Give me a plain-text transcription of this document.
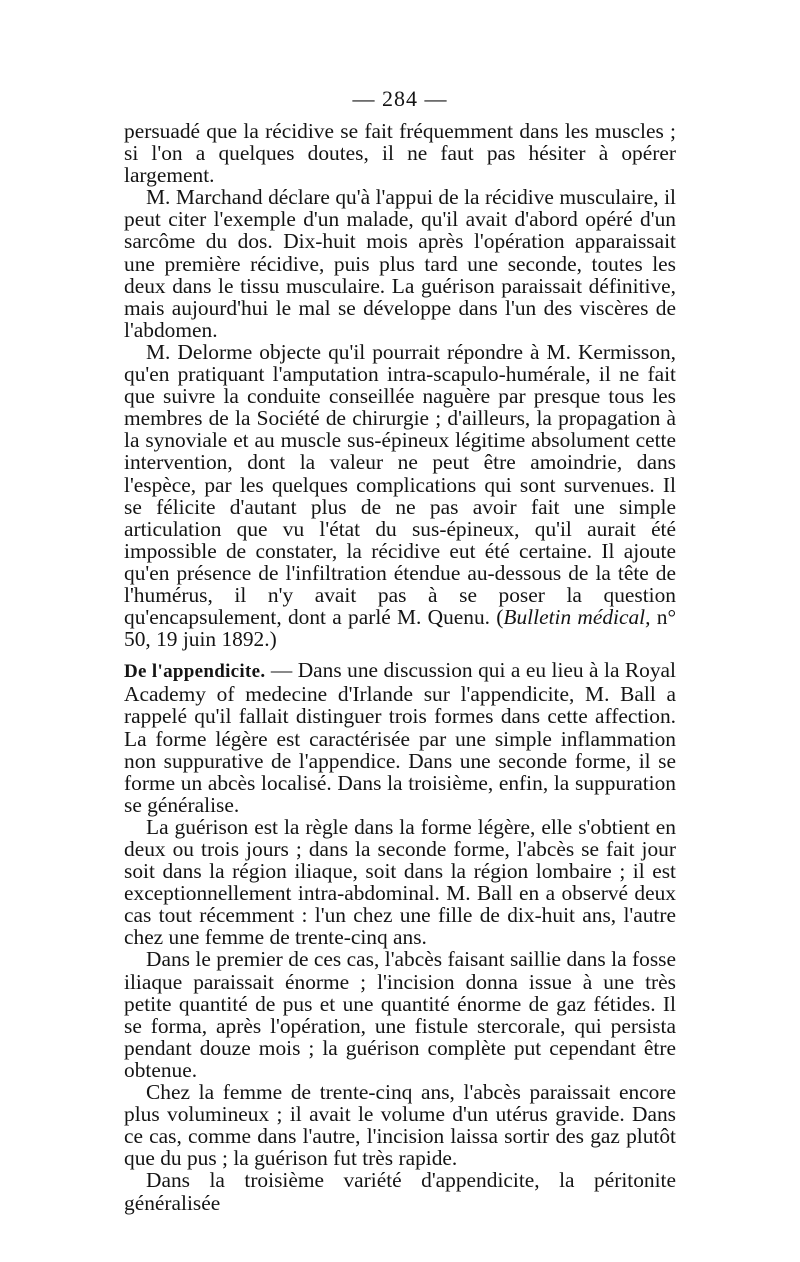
— 284 —

persuadé que la récidive se fait fréquemment dans les muscles ; si l'on a quelques doutes, il ne faut pas hésiter à opérer largement.

M. Marchand déclare qu'à l'appui de la récidive musculaire, il peut citer l'exemple d'un malade, qu'il avait d'abord opéré d'un sarcôme du dos. Dix-huit mois après l'opération apparaissait une première récidive, puis plus tard une seconde, toutes les deux dans le tissu musculaire. La guérison paraissait définitive, mais aujourd'hui le mal se développe dans l'un des viscères de l'abdomen.

M. Delorme objecte qu'il pourrait répondre à M. Kermisson, qu'en pratiquant l'amputation intra-scapulo-humérale, il ne fait que suivre la conduite conseillée naguère par presque tous les membres de la Société de chirurgie ; d'ailleurs, la propagation à la synoviale et au muscle sus-épineux légitime absolument cette intervention, dont la valeur ne peut être amoindrie, dans l'espèce, par les quelques complications qui sont survenues. Il se félicite d'autant plus de ne pas avoir fait une simple articulation que vu l'état du sus-épineux, qu'il aurait été impossible de constater, la récidive eut été certaine. Il ajoute qu'en présence de l'infiltration étendue au-dessous de la tête de l'humérus, il n'y avait pas à se poser la question qu'encapsulement, dont a parlé M. Quenu. (Bulletin médical, n° 50, 19 juin 1892.)

De l'appendicite. — Dans une discussion qui a eu lieu à la Royal Academy of medecine d'Irlande sur l'appendicite, M. Ball a rappelé qu'il fallait distinguer trois formes dans cette affection. La forme légère est caractérisée par une simple inflammation non suppurative de l'appendice. Dans une seconde forme, il se forme un abcès localisé. Dans la troisième, enfin, la suppuration se généralise.

La guérison est la règle dans la forme légère, elle s'obtient en deux ou trois jours ; dans la seconde forme, l'abcès se fait jour soit dans la région iliaque, soit dans la région lombaire ; il est exceptionnellement intra-abdominal. M. Ball en a observé deux cas tout récemment : l'un chez une fille de dix-huit ans, l'autre chez une femme de trente-cinq ans.

Dans le premier de ces cas, l'abcès faisant saillie dans la fosse iliaque paraissait énorme ; l'incision donna issue à une très petite quantité de pus et une quantité énorme de gaz fétides. Il se forma, après l'opération, une fistule stercorale, qui persista pendant douze mois ; la guérison complète put cependant être obtenue.

Chez la femme de trente-cinq ans, l'abcès paraissait encore plus volumineux ; il avait le volume d'un utérus gravide. Dans ce cas, comme dans l'autre, l'incision laissa sortir des gaz plutôt que du pus ; la guérison fut très rapide.

Dans la troisième variété d'appendicite, la péritonite généralisée
